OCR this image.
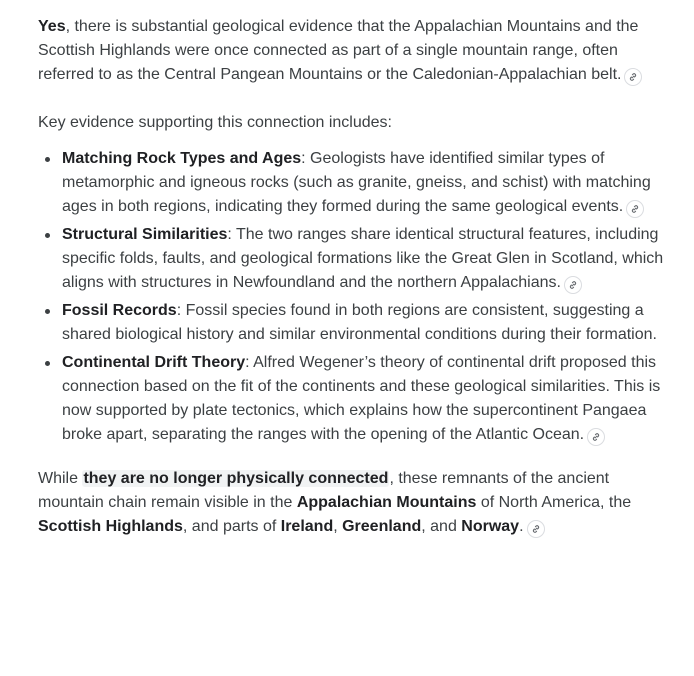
Yes, there is substantial geological evidence that the Appalachian Mountains and the Scottish Highlands were once connected as part of a single mountain range, often referred to as the Central Pangean Mountains or the Caledonian-Appalachian belt.

Key evidence supporting this connection includes:

Matching Rock Types and Ages: Geologists have identified similar types of metamorphic and igneous rocks (such as granite, gneiss, and schist) with matching ages in both regions, indicating they formed during the same geological events.
Structural Similarities: The two ranges share identical structural features, including specific folds, faults, and geological formations like the Great Glen in Scotland, which aligns with structures in Newfoundland and the northern Appalachians.
Fossil Records: Fossil species found in both regions are consistent, suggesting a shared biological history and similar environmental conditions during their formation.
Continental Drift Theory: Alfred Wegener’s theory of continental drift proposed this connection based on the fit of the continents and these geological similarities. This is now supported by plate tectonics, which explains how the supercontinent Pangaea broke apart, separating the ranges with the opening of the Atlantic Ocean.

While they are no longer physically connected, these remnants of the ancient mountain chain remain visible in the Appalachian Mountains of North America, the Scottish Highlands, and parts of Ireland, Greenland, and Norway.
